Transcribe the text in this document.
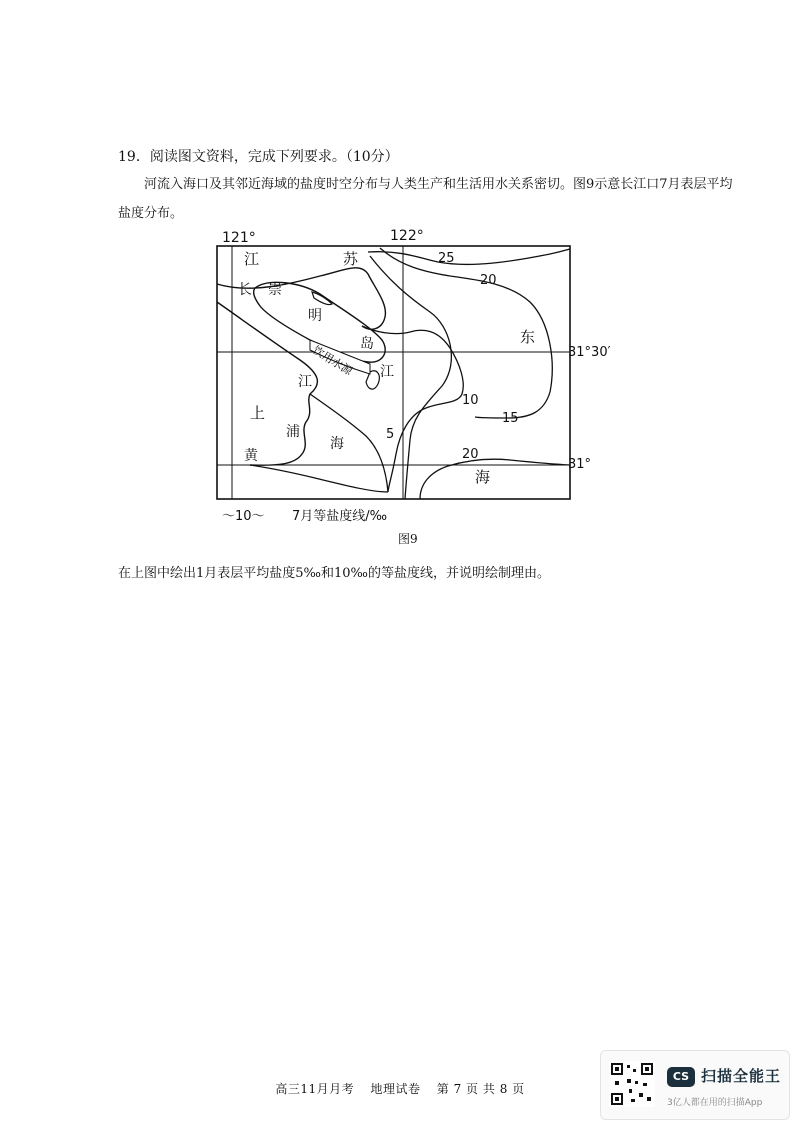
19．阅读图文资料，完成下列要求。（10分）
河流入海口及其邻近海域的盐度时空分布与人类生产和生活用水关系密切。图9示意长江口7月表层平均盐度分布。
121°	122°
31°30′
31°
江	苏
长 崇
明
岛
饮用水源 江
江
上
浦
海
黄
东
海
25
20
15
10
5
20
～10～ 7月等盐度线/‰
图9
在上图中绘出1月表层平均盐度5‰和10‰的等盐度线，并说明绘制理由。
高三11月月考 地理试卷 第 7 页 共 8 页
CS 扫描全能王
3亿人都在用的扫描App
